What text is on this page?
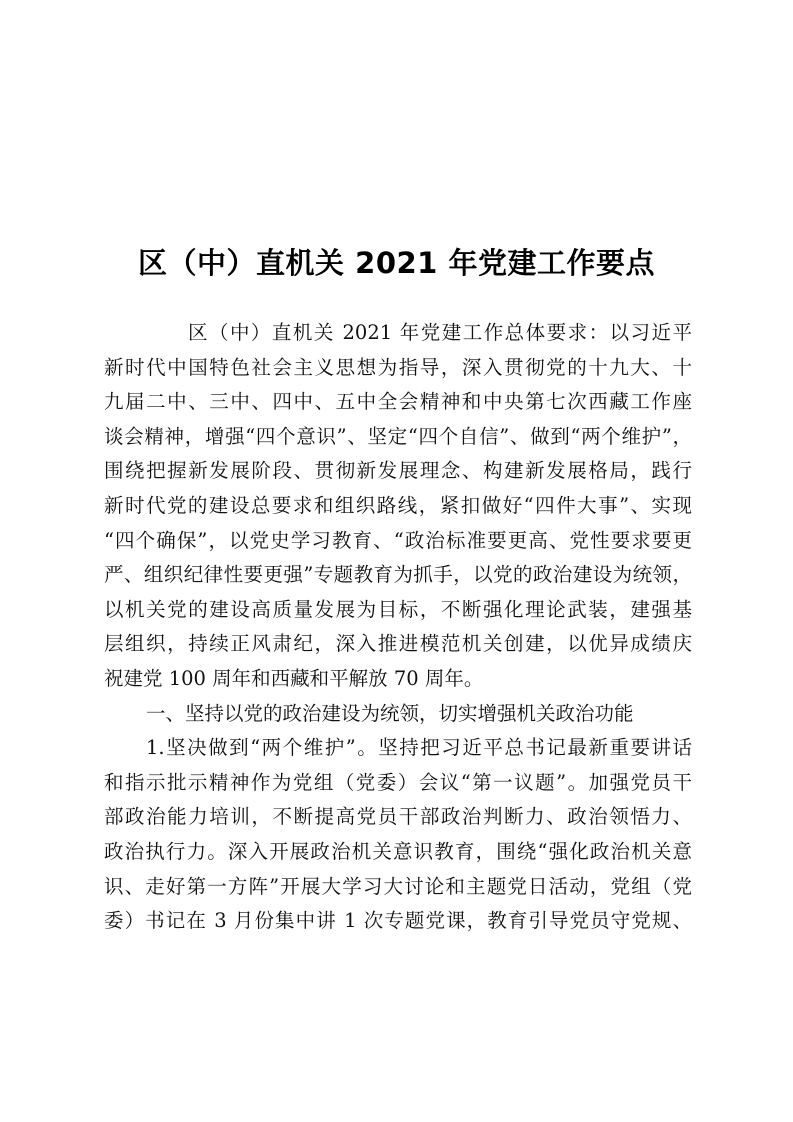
区（中）直机关 2021 年党建工作要点
区（中）直机关 2021 年党建工作总体要求：以习近平
新时代中国特色社会主义思想为指导，深入贯彻党的十九大、十
九届二中、三中、四中、五中全会精神和中央第七次西藏工作座
谈会精神，增强“四个意识”、坚定“四个自信”、做到“两个维护”，
围绕把握新发展阶段、贯彻新发展理念、构建新发展格局，践行
新时代党的建设总要求和组织路线，紧扣做好“四件大事”、实现
“四个确保”，以党史学习教育、“政治标准要更高、党性要求要更
严、组织纪律性要更强”专题教育为抓手，以党的政治建设为统领，
以机关党的建设高质量发展为目标，不断强化理论武装，建强基
层组织，持续正风肃纪，深入推进模范机关创建，以优异成绩庆
祝建党 100 周年和西藏和平解放 70 周年。
一、坚持以党的政治建设为统领，切实增强机关政治功能
1.坚决做到“两个维护”。坚持把习近平总书记最新重要讲话
和指示批示精神作为党组（党委）会议“第一议题”。加强党员干
部政治能力培训，不断提高党员干部政治判断力、政治领悟力、
政治执行力。深入开展政治机关意识教育，围绕“强化政治机关意
识、走好第一方阵”开展大学习大讨论和主题党日活动，党组（党
委）书记在 3 月份集中讲 1 次专题党课，教育引导党员守党规、
